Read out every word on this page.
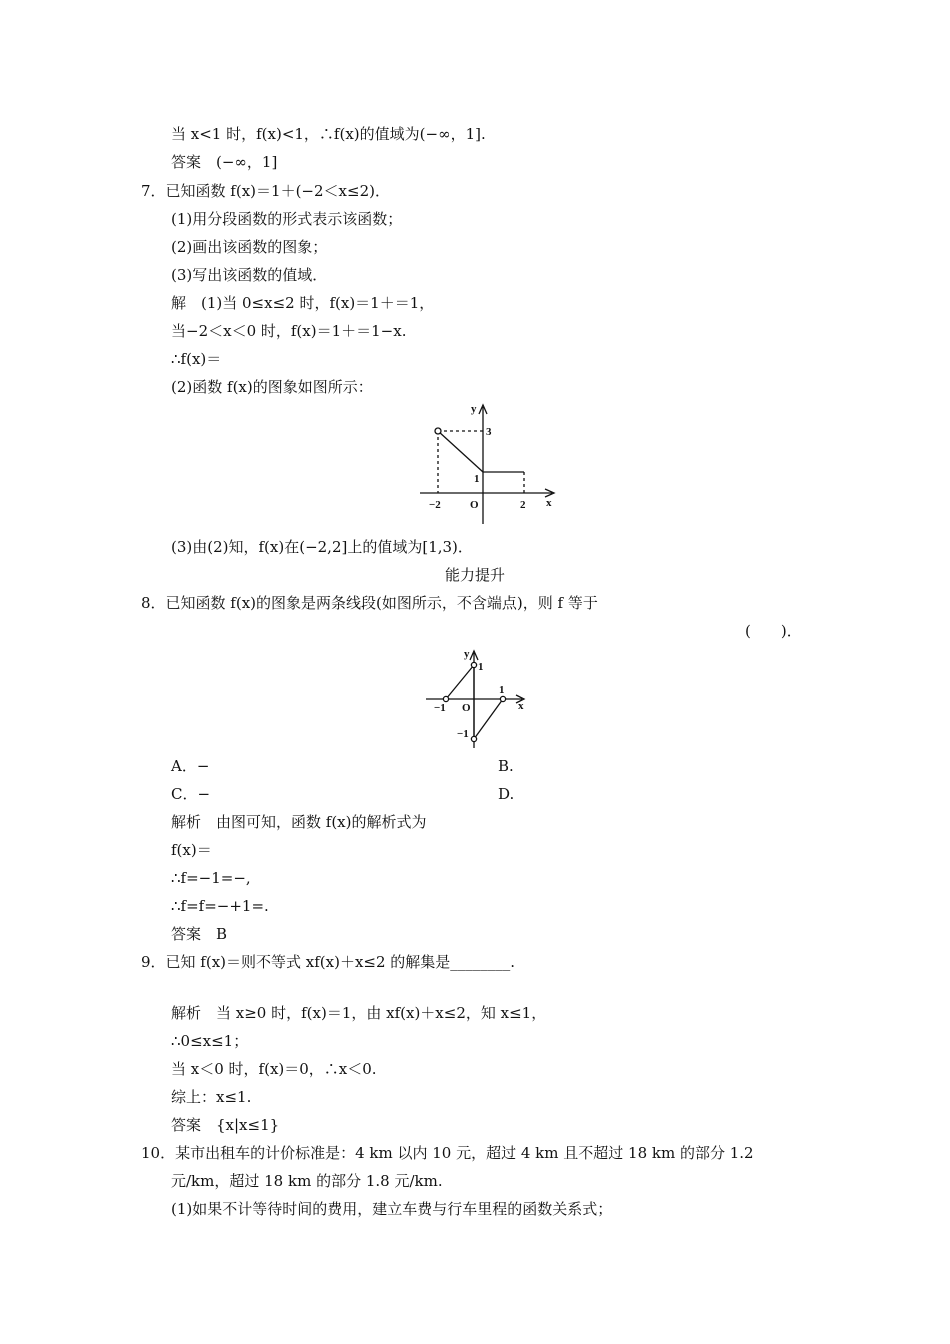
当 x<1 时，f(x)<1，∴f(x)的值域为(−∞，1].
答案　(−∞，1]
7．已知函数 f(x)＝1＋(−2＜x≤2)．
(1)用分段函数的形式表示该函数；
(2)画出该函数的图象；
(3)写出该函数的值域．
解　(1)当 0≤x≤2 时，f(x)＝1＋＝1，
当−2＜x＜0 时，f(x)＝1＋＝1−x.
∴f(x)＝
(2)函数 f(x)的图象如图所示：
y
x
O
−2	2
1
3
(3)由(2)知，f(x)在(−2,2]上的值域为[1,3)．
能力提升
8．已知函数 f(x)的图象是两条线段(如图所示，不含端点)，则 f 等于
(　　)．
y
x
O
−1
1
1
−1
A．−	B.
C．−	D.
解析　由图可知，函数 f(x)的解析式为
f(x)＝
∴f=−1=−,
∴f=f=−+1=.
答案　B
9．已知 f(x)＝则不等式 xf(x)＋x≤2 的解集是________.
解析　当 x≥0 时，f(x)＝1，由 xf(x)＋x≤2，知 x≤1，
∴0≤x≤1；
当 x＜0 时，f(x)＝0，∴x＜0.
综上：x≤1.
答案　{x|x≤1}
10．某市出租车的计价标准是：4 km 以内 10 元，超过 4 km 且不超过 18 km 的部分 1.2
元/km，超过 18 km 的部分 1.8 元/km.
(1)如果不计等待时间的费用，建立车费与行车里程的函数关系式；
